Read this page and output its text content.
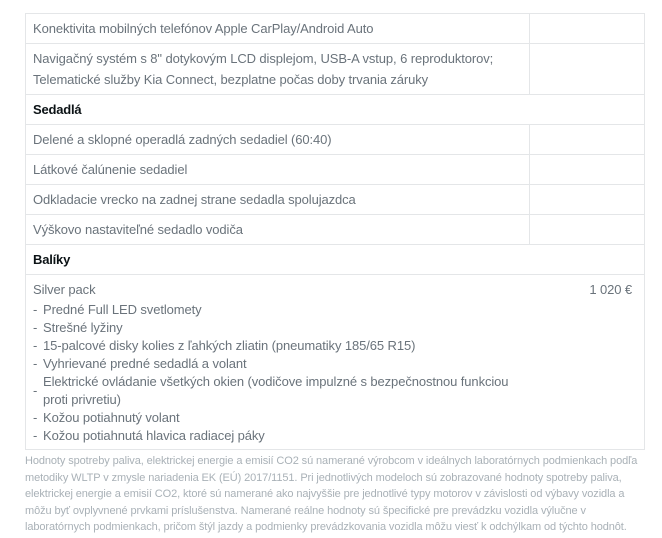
Konektivita mobilných telefónov Apple CarPlay/Android Auto
Navigačný systém s 8" dotykovým LCD displejom, USB-A vstup, 6 reproduktorov;
Telematické služby Kia Connect, bezplatne počas doby trvania záruky
Sedadlá
Delené a sklopné operadlá zadných sedadiel (60:40)
Látkové čalúnenie sedadiel
Odkladacie vrecko na zadnej strane sedadla spolujazdca
Výškovo nastaviteľné sedadlo vodiča
Balíky
Silver pack	1 020 €
- Predné Full LED svetlomety
- Strešné lyžiny
- 15-palcové disky kolies z ľahkých zliatin (pneumatiky 185/65 R15)
- Vyhrievané predné sedadlá a volant
-
Elektrické ovládanie všetkých okien (vodičove impulzné s bezpečnostnou funkciou proti privretiu)
- Kožou potiahnutý volant
- Kožou potiahnutá hlavica radiacej páky

Hodnoty spotreby paliva, elektrickej energie a emisií CO2 sú namerané výrobcom v ideálnych laboratórnych podmienkach podľa metodiky WLTP v zmysle nariadenia EK (EÚ) 2017/1151. Pri jednotlivých modeloch sú zobrazované hodnoty spotreby paliva, elektrickej energie a emisií CO2, ktoré sú namerané ako najvyššie pre jednotlivé typy motorov v závislosti od výbavy vozidla a môžu byť ovplyvnené prvkami príslušenstva. Namerané reálne hodnoty sú špecifické pre prevádzku vozidla výlučne v laboratórnych podmienkach, pričom štýl jazdy a podmienky prevádzkovania vozidla môžu viesť k odchýlkam od týchto hodnôt.
